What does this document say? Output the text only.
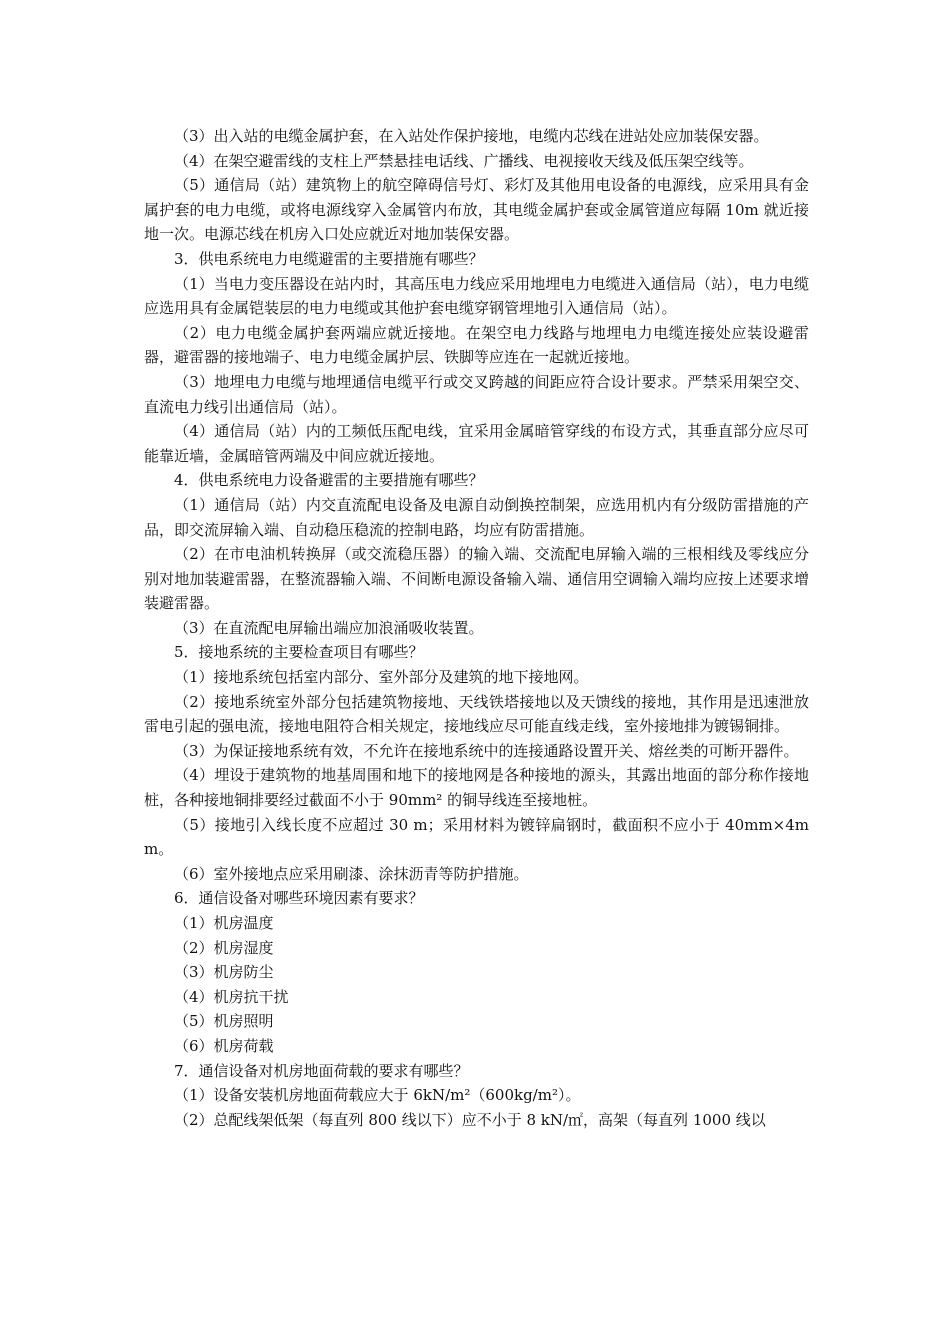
（3）出入站的电缆金属护套，在入站处作保护接地，电缆内芯线在进站处应加装保安器。

（4）在架空避雷线的支柱上严禁悬挂电话线、广播线、电视接收天线及低压架空线等。

（5）通信局（站）建筑物上的航空障碍信号灯、彩灯及其他用电设备的电源线，应采用具有金属护套的电力电缆，或将电源线穿入金属管内布放，其电缆金属护套或金属管道应每隔 10m 就近接地一次。电源芯线在机房入口处应就近对地加装保安器。

3．供电系统电力电缆避雷的主要措施有哪些？

（1）当电力变压器设在站内时，其高压电力线应采用地埋电力电缆进入通信局（站），电力电缆应选用具有金属铠装层的电力电缆或其他护套电缆穿钢管埋地引入通信局（站）。

（2）电力电缆金属护套两端应就近接地。在架空电力线路与地埋电力电缆连接处应装设避雷器，避雷器的接地端子、电力电缆金属护层、铁脚等应连在一起就近接地。

（3）地埋电力电缆与地埋通信电缆平行或交叉跨越的间距应符合设计要求。严禁采用架空交、直流电力线引出通信局（站）。

（4）通信局（站）内的工频低压配电线，宜采用金属暗管穿线的布设方式，其垂直部分应尽可能靠近墙，金属暗管两端及中间应就近接地。

4．供电系统电力设备避雷的主要措施有哪些？

（1）通信局（站）内交直流配电设备及电源自动倒换控制架，应选用机内有分级防雷措施的产品，即交流屏输入端、自动稳压稳流的控制电路，均应有防雷措施。

（2）在市电油机转换屏（或交流稳压器）的输入端、交流配电屏输入端的三根相线及零线应分别对地加装避雷器，在整流器输入端、不间断电源设备输入端、通信用空调输入端均应按上述要求增装避雷器。

（3）在直流配电屏输出端应加浪涌吸收装置。

5．接地系统的主要检查项目有哪些？

（1）接地系统包括室内部分、室外部分及建筑的地下接地网。

（2）接地系统室外部分包括建筑物接地、天线铁塔接地以及天馈线的接地，其作用是迅速泄放雷电引起的强电流，接地电阻符合相关规定，接地线应尽可能直线走线，室外接地排为镀锡铜排。

（3）为保证接地系统有效，不允许在接地系统中的连接通路设置开关、熔丝类的可断开器件。

（4）埋设于建筑物的地基周围和地下的接地网是各种接地的源头，其露出地面的部分称作接地桩，各种接地铜排要经过截面不小于 90mm² 的铜导线连至接地桩。

（5）接地引入线长度不应超过 30 m；采用材料为镀锌扁钢时，截面积不应小于 40mm×4mm。

（6）室外接地点应采用刷漆、涂抹沥青等防护措施。

6．通信设备对哪些环境因素有要求？

（1）机房温度

（2）机房湿度

（3）机房防尘

（4）机房抗干扰

（5）机房照明

（6）机房荷载

7．通信设备对机房地面荷载的要求有哪些？

（1）设备安装机房地面荷载应大于 6kN/m²（600kg/m²）。

（2）总配线架低架（每直列 800 线以下）应不小于 8 kN/㎡，高架（每直列 1000 线以
